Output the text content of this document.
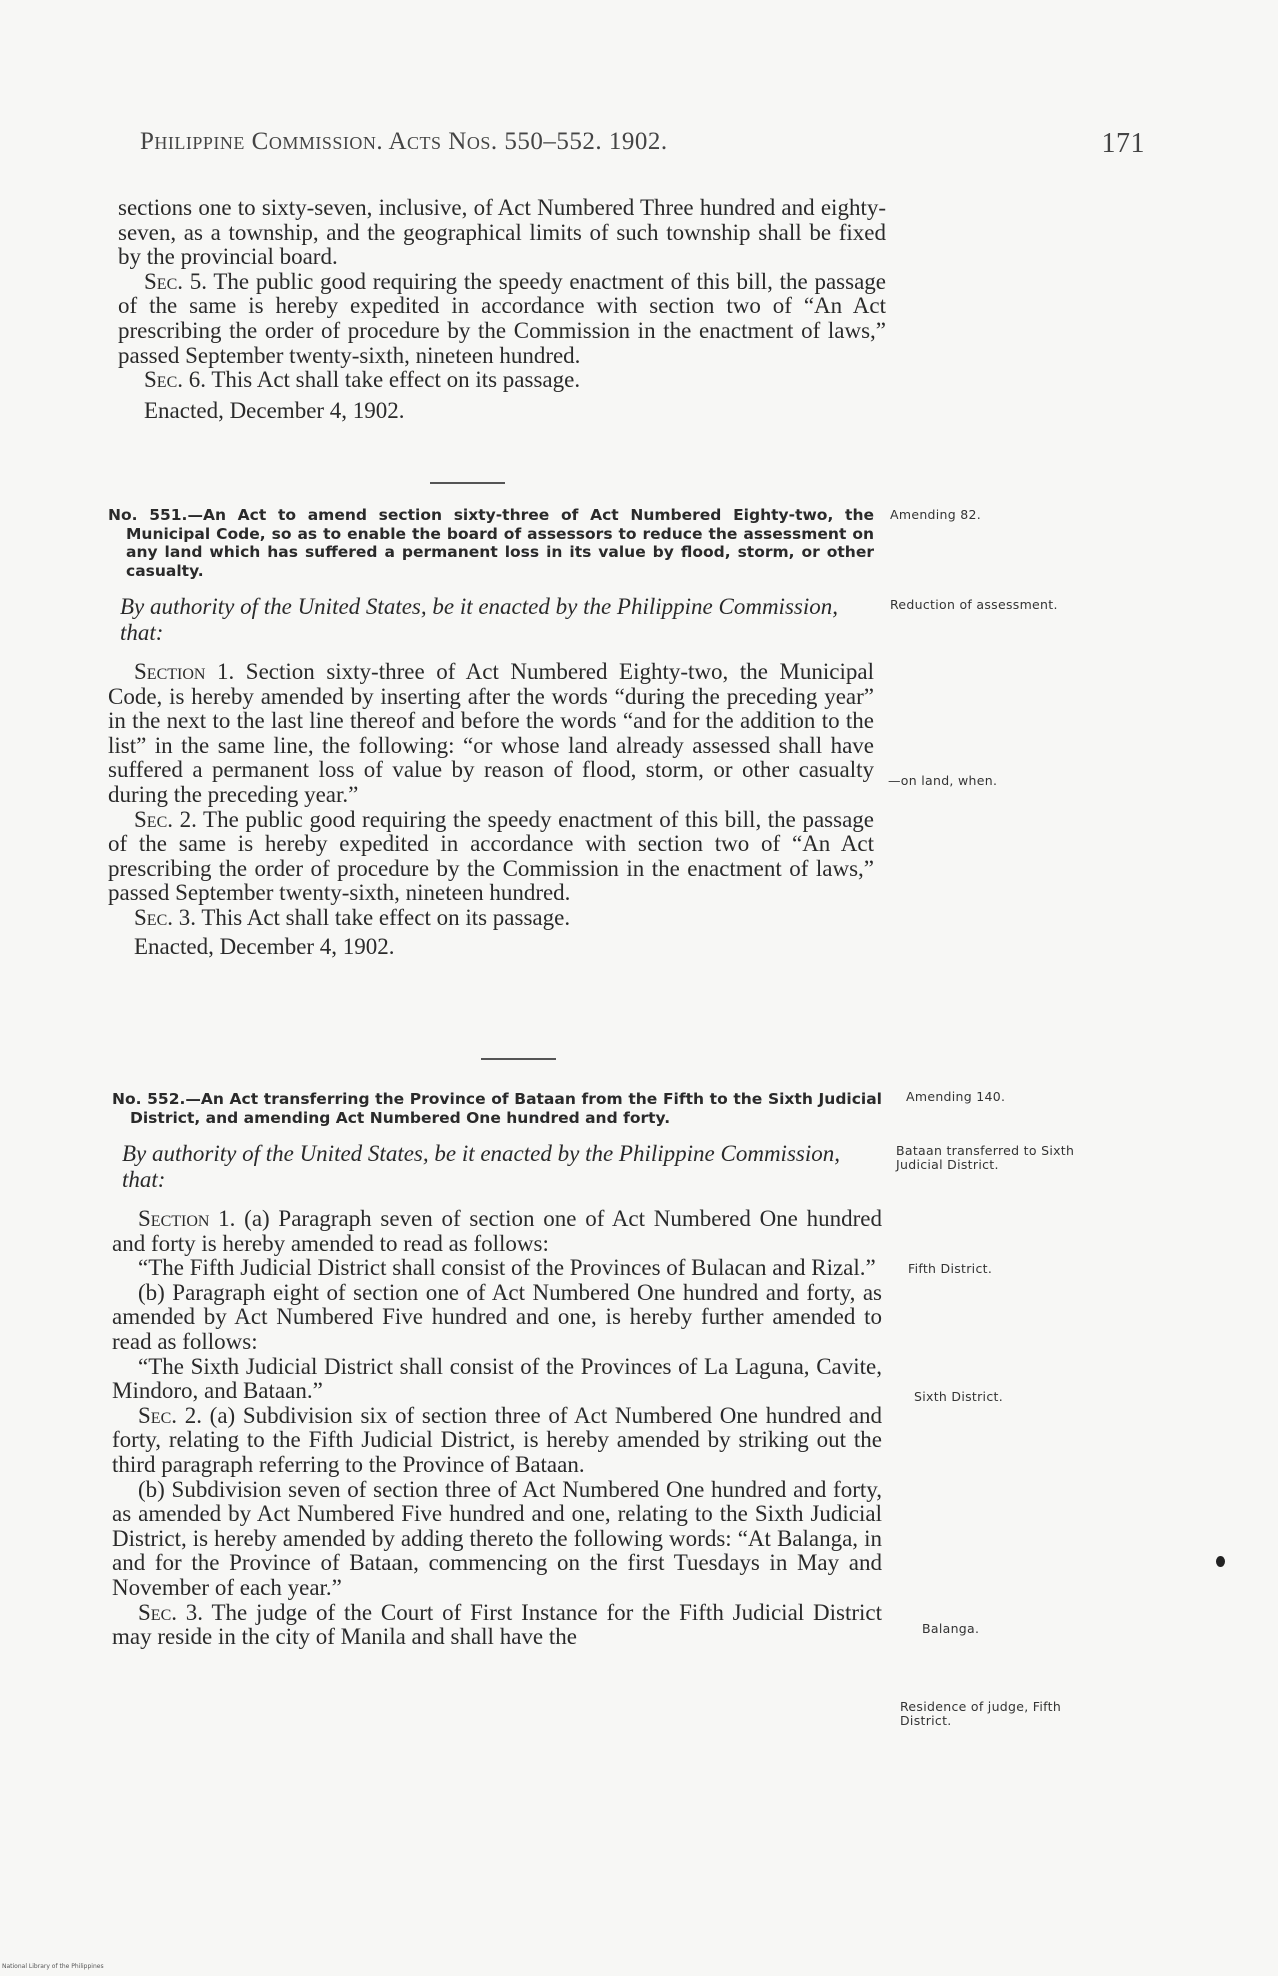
Philippine Commission. Acts Nos. 550–552. 1902.	171

sections one to sixty-seven, inclusive, of Act Numbered Three hundred and eighty-seven, as a township, and the geographical limits of such township shall be fixed by the provincial board.

Sec. 5. The public good requiring the speedy enactment of this bill, the passage of the same is hereby expedited in accordance with section two of “An Act prescribing the order of procedure by the Commission in the enactment of laws,” passed September twenty-sixth, nineteen hundred.

Sec. 6. This Act shall take effect on its passage.

Enacted, December 4, 1902.

No. 551.—An Act to amend section sixty-three of Act Numbered Eighty-two, the Municipal Code, so as to enable the board of assessors to reduce the assessment on any land which has suffered a permanent loss in its value by flood, storm, or other casualty.

By authority of the United States, be it enacted by the Philippine Commission, that:

Section 1. Section sixty-three of Act Numbered Eighty-two, the Municipal Code, is hereby amended by inserting after the words “during the preceding year” in the next to the last line thereof and before the words “and for the addition to the list” in the same line, the following: “or whose land already assessed shall have suffered a permanent loss of value by reason of flood, storm, or other casualty during the preceding year.”

Sec. 2. The public good requiring the speedy enactment of this bill, the passage of the same is hereby expedited in accordance with section two of “An Act prescribing the order of procedure by the Commission in the enactment of laws,” passed September twenty-sixth, nineteen hundred.

Sec. 3. This Act shall take effect on its passage.

Enacted, December 4, 1902.

Amending 82.
Reduction of assessment.
—on land, when.

No. 552.—An Act transferring the Province of Bataan from the Fifth to the Sixth Judicial District, and amending Act Numbered One hundred and forty.

By authority of the United States, be it enacted by the Philippine Commission, that:

Section 1. (a) Paragraph seven of section one of Act Numbered One hundred and forty is hereby amended to read as follows:

“The Fifth Judicial District shall consist of the Provinces of Bulacan and Rizal.”

(b) Paragraph eight of section one of Act Numbered One hundred and forty, as amended by Act Numbered Five hundred and one, is hereby further amended to read as follows:

“The Sixth Judicial District shall consist of the Provinces of La Laguna, Cavite, Mindoro, and Bataan.”

Sec. 2. (a) Subdivision six of section three of Act Numbered One hundred and forty, relating to the Fifth Judicial District, is hereby amended by striking out the third paragraph referring to the Province of Bataan.

(b) Subdivision seven of section three of Act Numbered One hundred and forty, as amended by Act Numbered Five hundred and one, relating to the Sixth Judicial District, is hereby amended by adding thereto the following words: “At Balanga, in and for the Province of Bataan, commencing on the first Tuesdays in May and November of each year.”

Sec. 3. The judge of the Court of First Instance for the Fifth Judicial District may reside in the city of Manila and shall have the

Amending 140.
Bataan transferred to Sixth Judicial District.
Fifth District.
Sixth District.
Balanga.
Residence of judge, Fifth District.
National Library of the Philippines
